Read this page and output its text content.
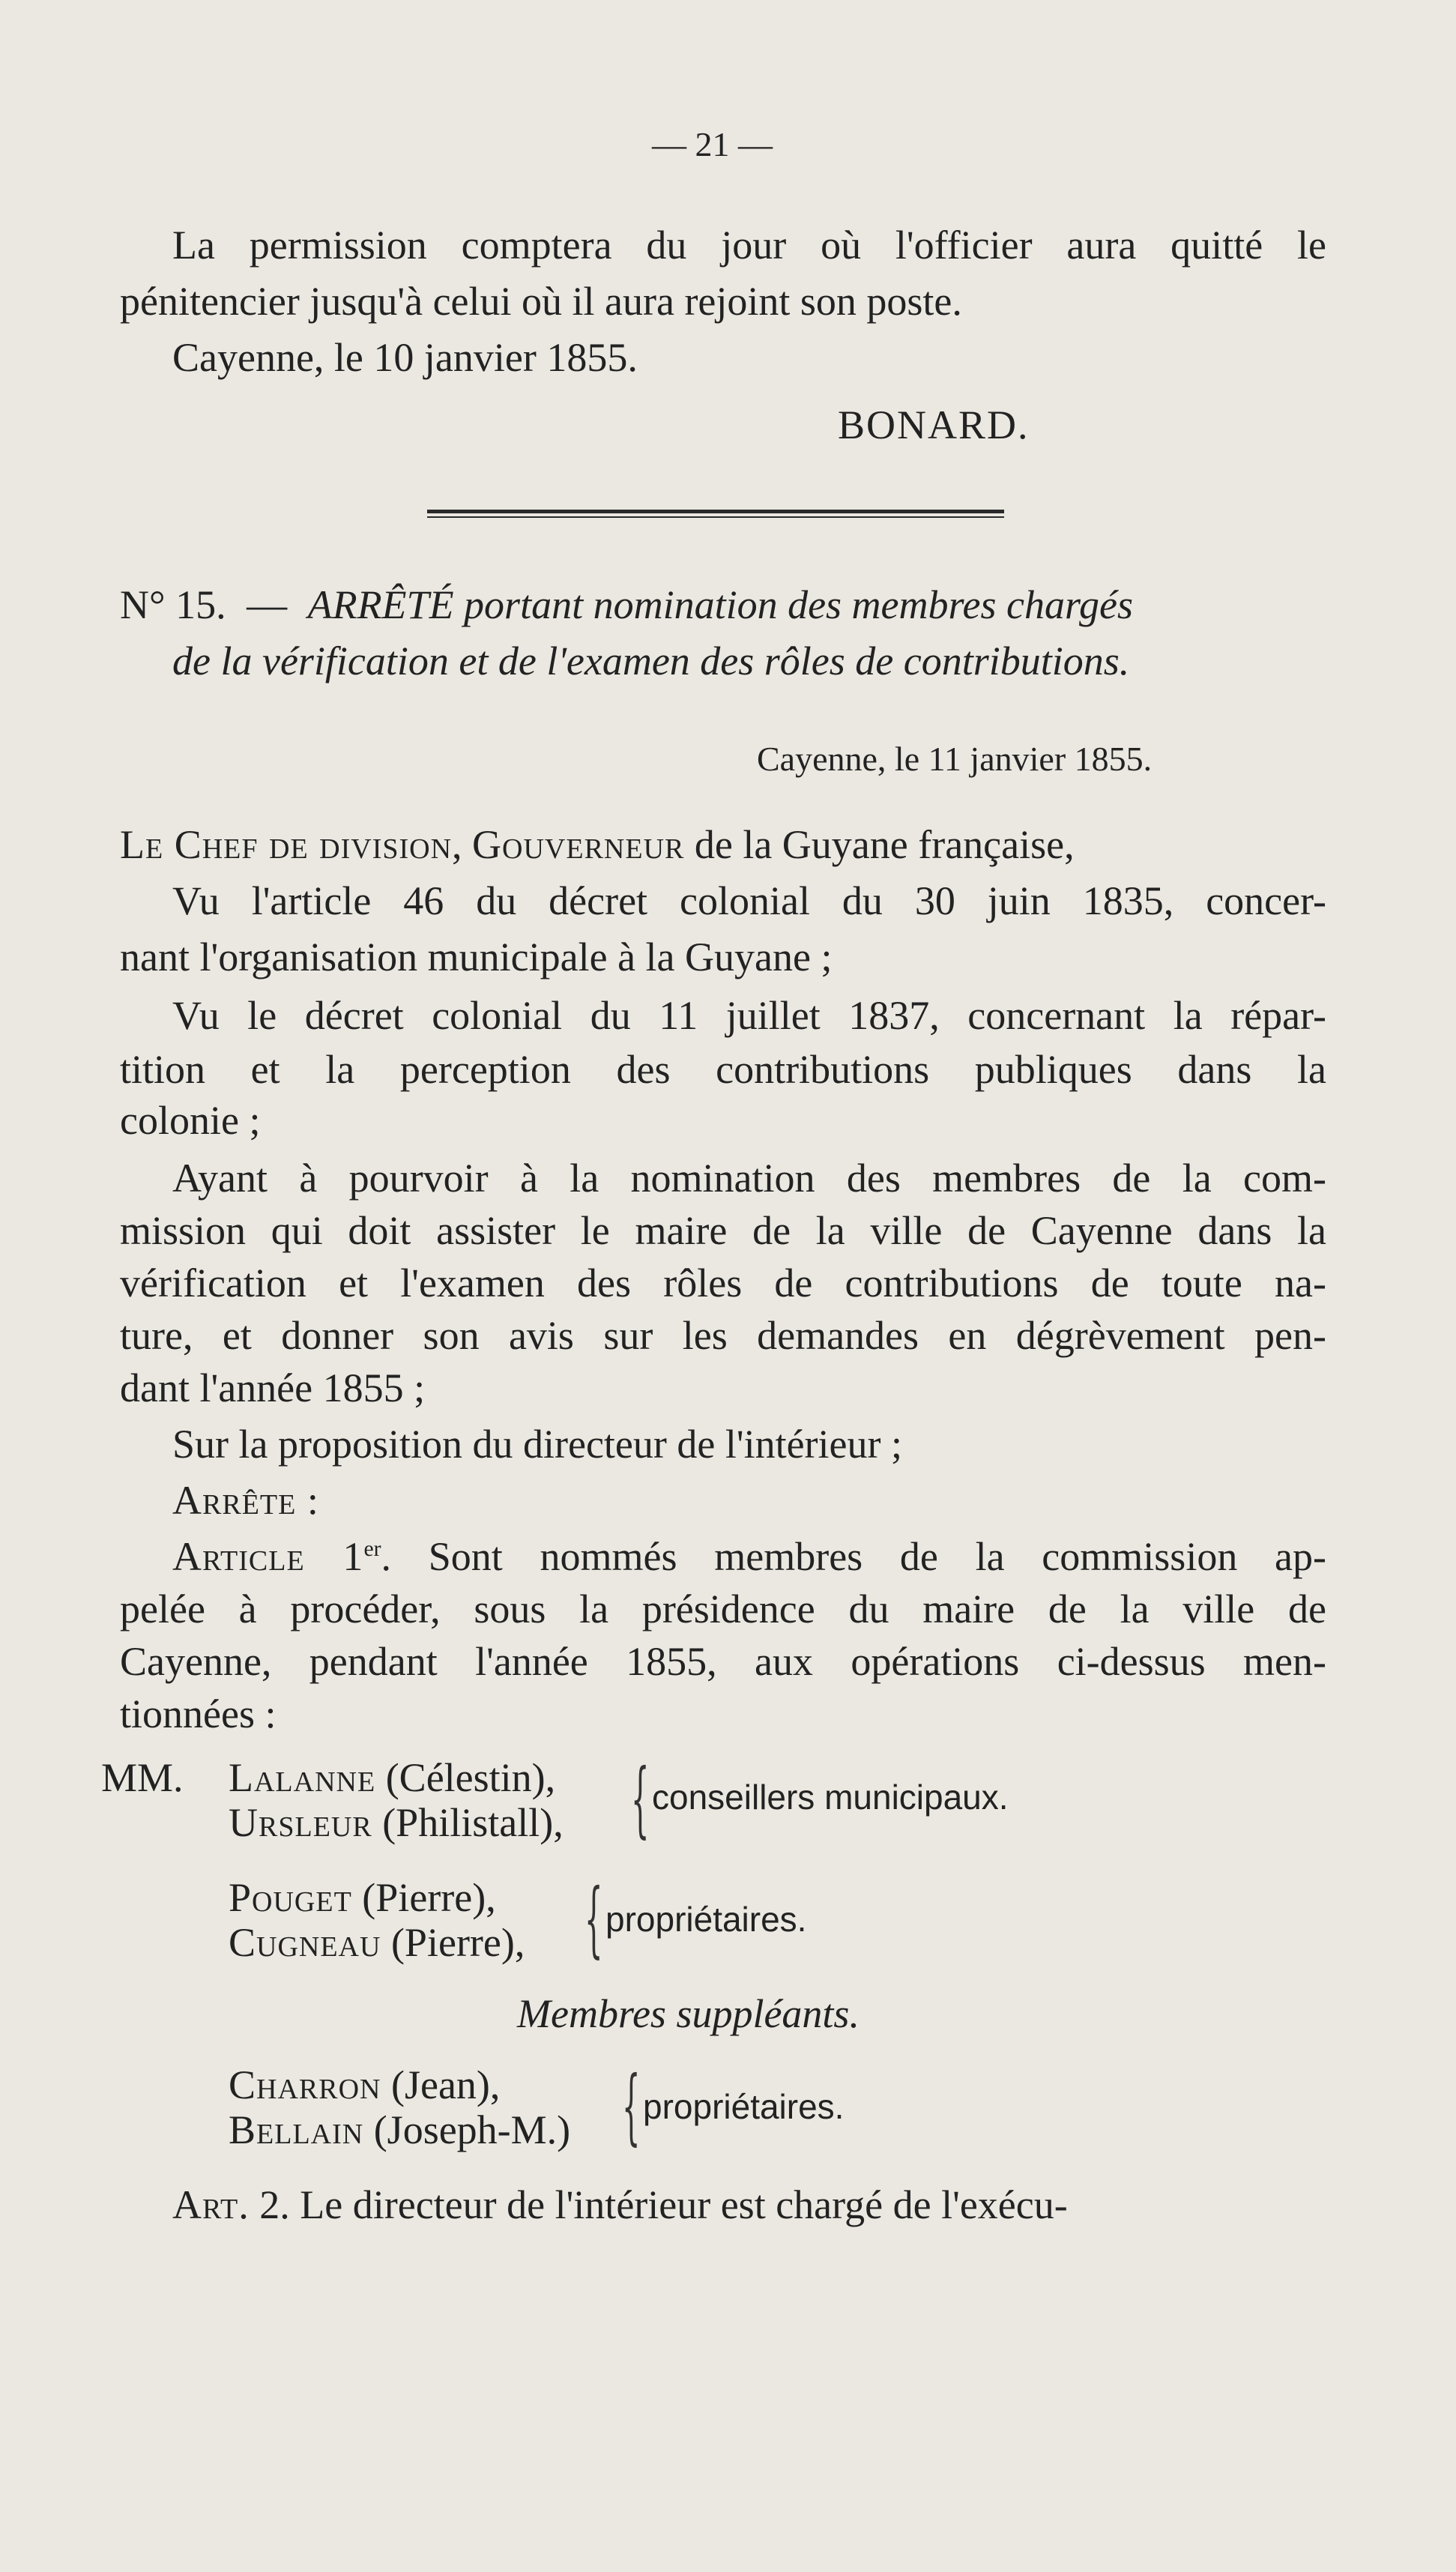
— 21 —
La permission comptera du jour où l'officier aura quitté le
pénitencier jusqu'à celui où il aura rejoint son poste.
Cayenne, le 10 janvier 1855.
BONARD.
N° 15. — ARRÊTÉ portant nomination des membres chargés
de la vérification et de l'examen des rôles de contributions.
Cayenne, le 11 janvier 1855.
Le Chef de division, Gouverneur de la Guyane française,
Vu l'article 46 du décret colonial du 30 juin 1835, concer-
nant l'organisation municipale à la Guyane ;
Vu le décret colonial du 11 juillet 1837, concernant la répar-
tition et la perception des contributions publiques dans la
colonie ;
Ayant à pourvoir à la nomination des membres de la com-
mission qui doit assister le maire de la ville de Cayenne dans la
vérification et l'examen des rôles de contributions de toute na-
ture, et donner son avis sur les demandes en dégrèvement pen-
dant l'année 1855 ;
Sur la proposition du directeur de l'intérieur ;
Arrête :
Article 1er. Sont nommés membres de la commission ap-
pelée à procéder, sous la présidence du maire de la ville de
Cayenne, pendant l'année 1855, aux opérations ci-dessus men-
tionnées :
MM. Lalanne (Célestin),
Ursleur (Philistall), { conseillers municipaux.
Pouget (Pierre),
Cugneau (Pierre), { propriétaires.
Membres suppléants.
Charron (Jean),
Bellain (Joseph-M.) { propriétaires.
Art. 2. Le directeur de l'intérieur est chargé de l'exécu-
